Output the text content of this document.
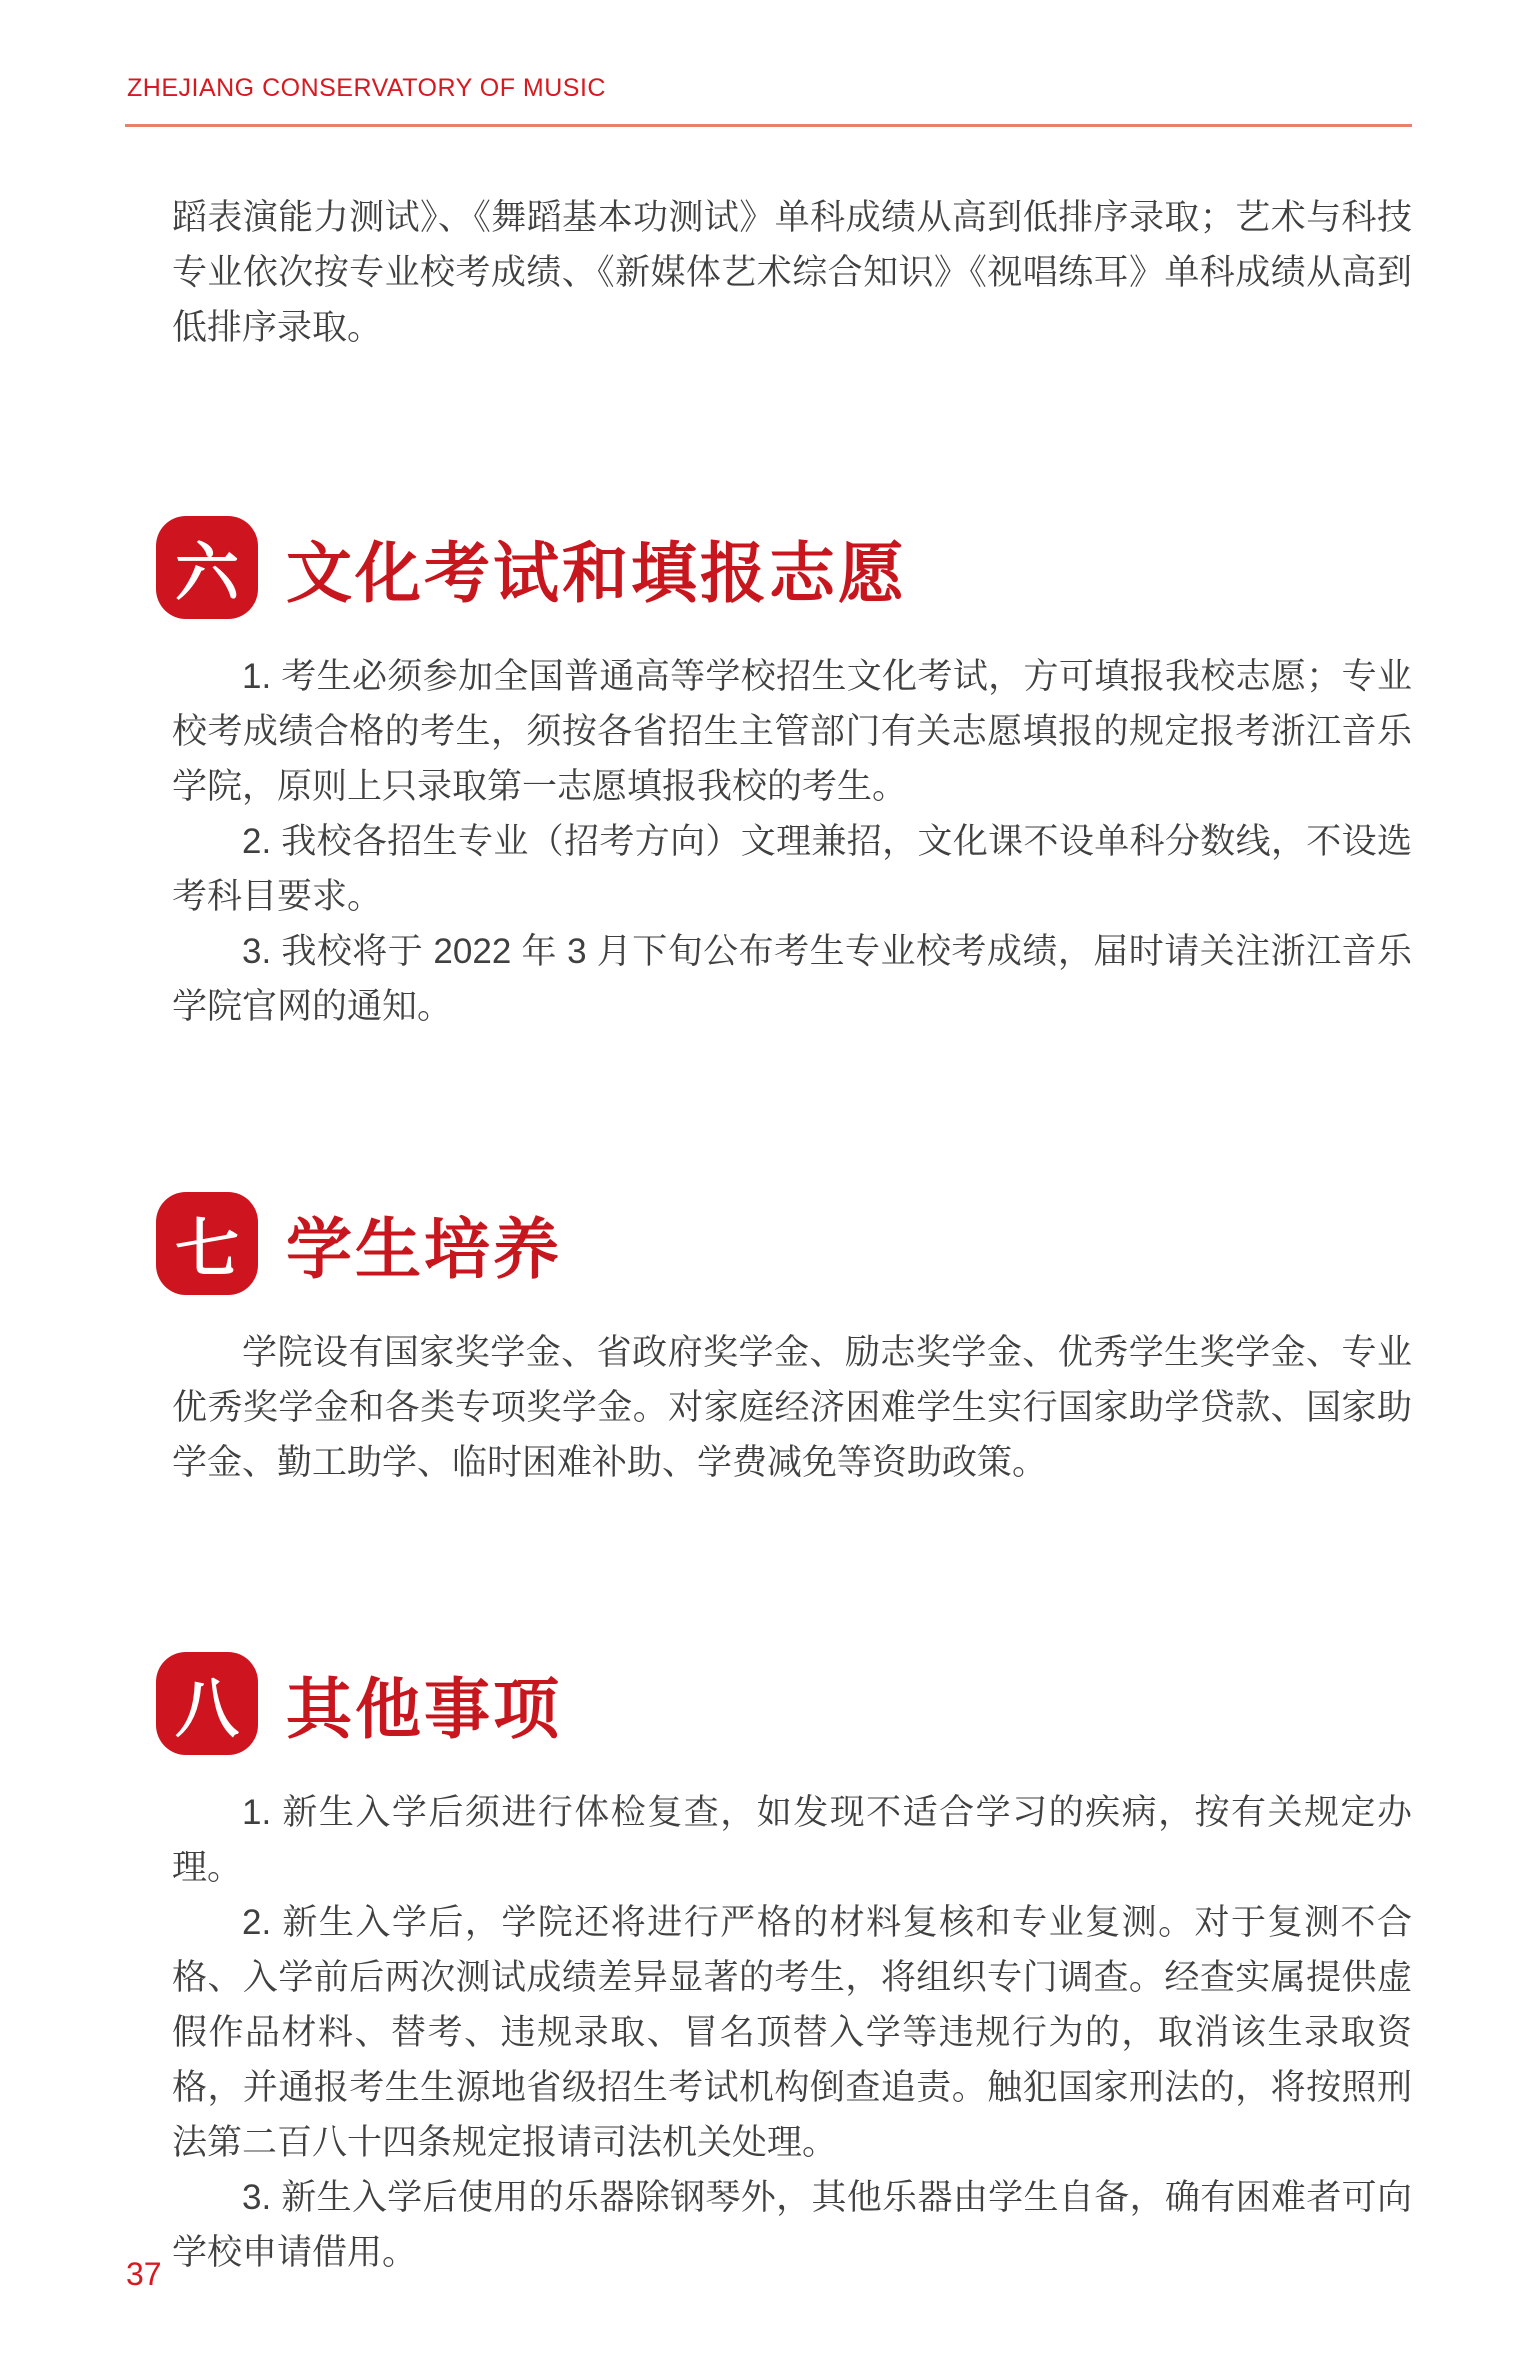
ZHEJIANG CONSERVATORY OF MUSIC

蹈表演能力测试》、《舞蹈基本功测试》单科成绩从高到低排序录取；艺术与科技专业依次按专业校考成绩、《新媒体艺术综合知识》《视唱练耳》单科成绩从高到低排序录取。

六 文化考试和填报志愿

1. 考生必须参加全国普通高等学校招生文化考试，方可填报我校志愿；专业校考成绩合格的考生，须按各省招生主管部门有关志愿填报的规定报考浙江音乐学院，原则上只录取第一志愿填报我校的考生。

2. 我校各招生专业（招考方向）文理兼招，文化课不设单科分数线，不设选考科目要求。

3. 我校将于 2022 年 3 月下旬公布考生专业校考成绩，届时请关注浙江音乐学院官网的通知。

七 学生培养

学院设有国家奖学金、省政府奖学金、励志奖学金、优秀学生奖学金、专业优秀奖学金和各类专项奖学金。对家庭经济困难学生实行国家助学贷款、国家助学金、勤工助学、临时困难补助、学费减免等资助政策。

八 其他事项

1. 新生入学后须进行体检复查，如发现不适合学习的疾病，按有关规定办理。

2. 新生入学后，学院还将进行严格的材料复核和专业复测。对于复测不合格、入学前后两次测试成绩差异显著的考生，将组织专门调查。经查实属提供虚假作品材料、替考、违规录取、冒名顶替入学等违规行为的，取消该生录取资格，并通报考生生源地省级招生考试机构倒查追责。触犯国家刑法的，将按照刑法第二百八十四条规定报请司法机关处理。

3. 新生入学后使用的乐器除钢琴外，其他乐器由学生自备，确有困难者可向学校申请借用。

37
